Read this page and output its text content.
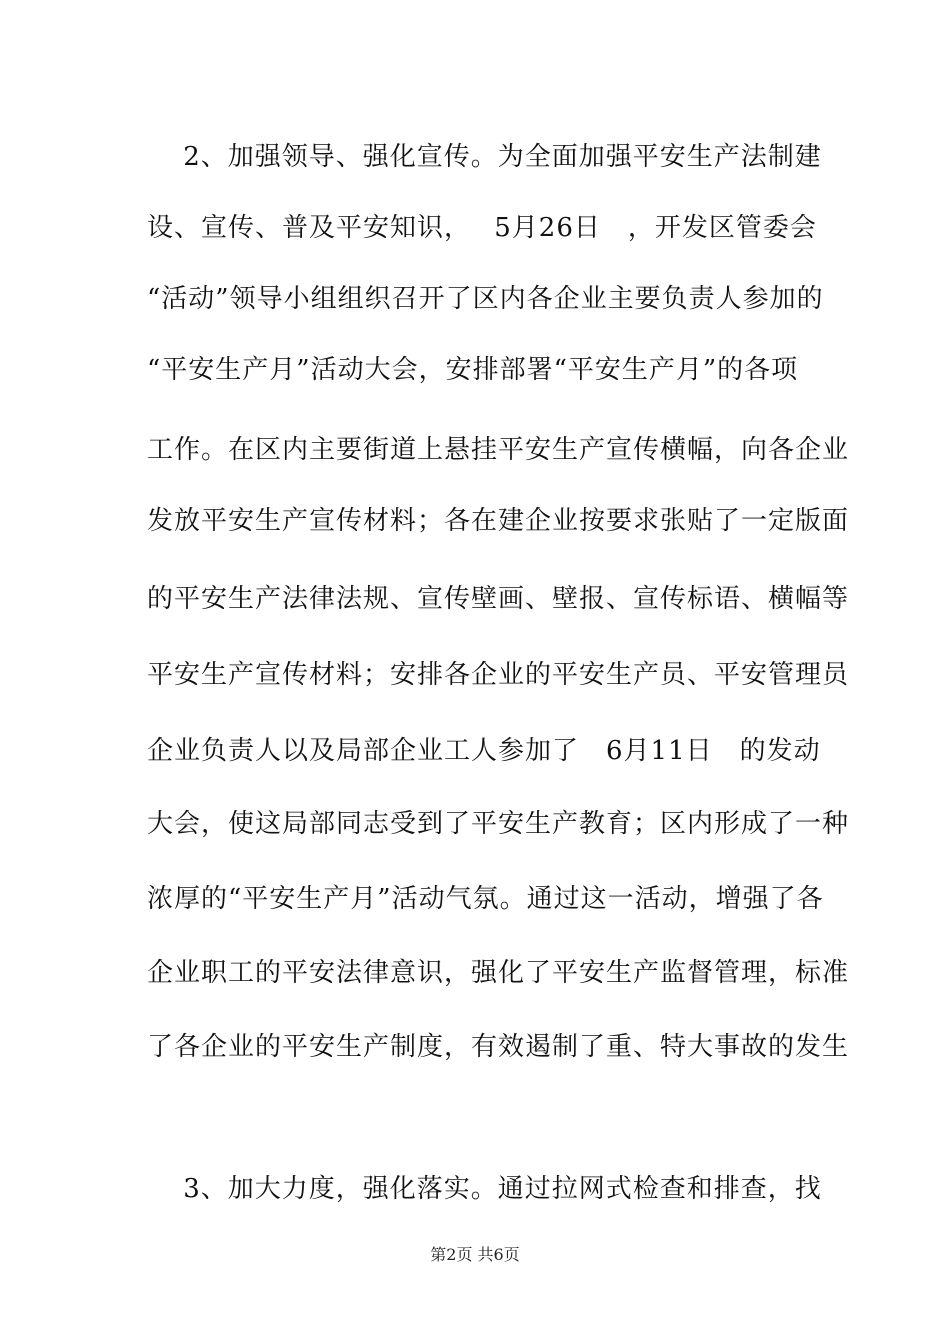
　 2、加强领导、强化宣传。为全面加强平安生产法制建
设、宣传、普及平安知识，　 5月26日　，开发区管委会
“活动”领导小组组织召开了区内各企业主要负责人参加的
“平安生产月”活动大会，安排部署“平安生产月”的各项
工作。在区内主要街道上悬挂平安生产宣传横幅，向各企业
发放平安生产宣传材料；各在建企业按要求张贴了一定版面
的平安生产法律法规、宣传壁画、壁报、宣传标语、横幅等
平安生产宣传材料；安排各企业的平安生产员、平安管理员
企业负责人以及局部企业工人参加了　6月11日　的发动
大会，使这局部同志受到了平安生产教育；区内形成了一种
浓厚的“平安生产月”活动气氛。通过这一活动，增强了各
企业职工的平安法律意识，强化了平安生产监督管理，标准
了各企业的平安生产制度，有效遏制了重、特大事故的发生
　 3、加大力度，强化落实。通过拉网式检查和排查，找
第2页 共6页
